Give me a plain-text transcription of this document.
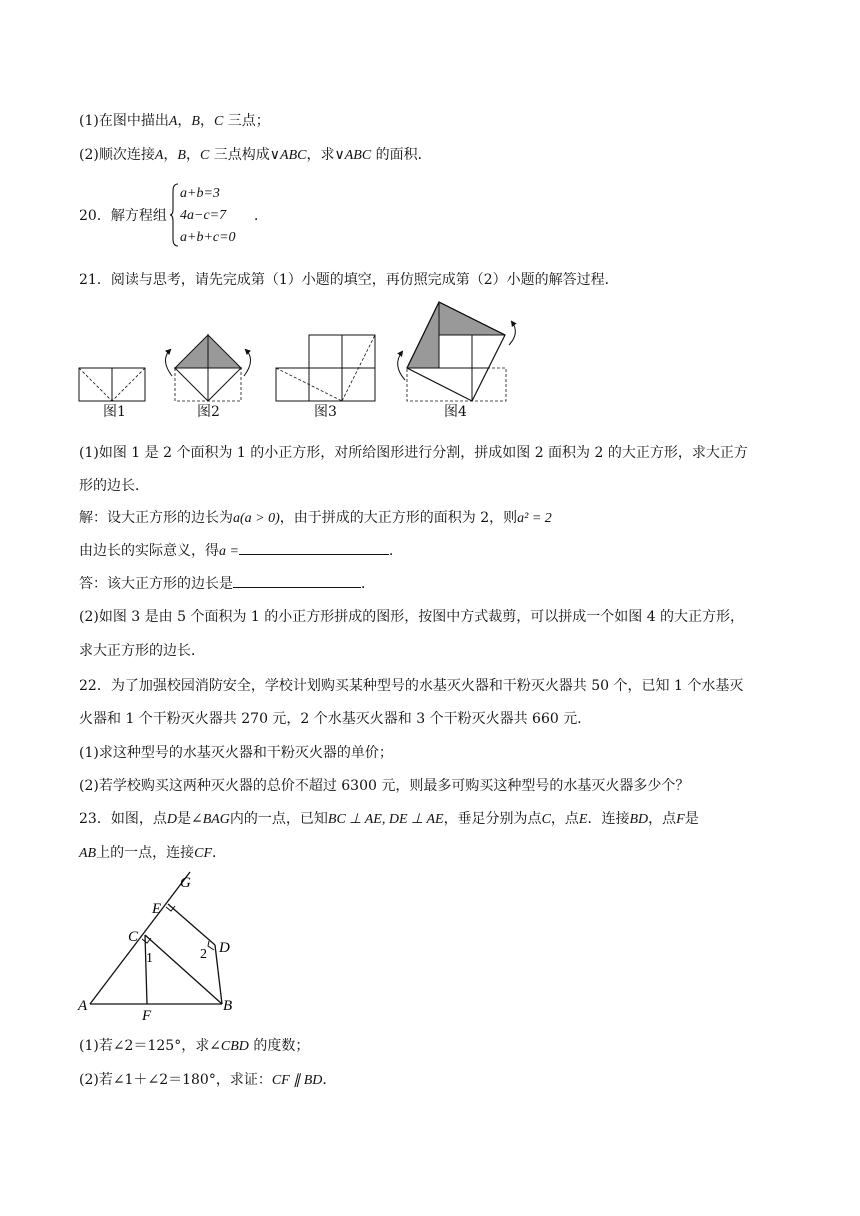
(1)在图中描出A，B，C 三点；
(2)顺次连接A，B，C 三点构成∨ABC，求∨ABC 的面积．
20．解方程组
a+b=3
4a−c=7
a+b+c=0
．
21．阅读与思考，请先完成第（1）小题的填空，再仿照完成第（2）小题的解答过程．
图1	图2	图3	图4
(1)如图 1 是 2 个面积为 1 的小正方形，对所给图形进行分割，拼成如图 2 面积为 2 的大正方形，求大正方
形的边长．
解：设大正方形的边长为a(a > 0)，由于拼成的大正方形的面积为 2，则a² = 2
由边长的实际意义，得a =	．
答：该大正方形的边长是	．
(2)如图 3 是由 5 个面积为 1 的小正方形拼成的图形，按图中方式裁剪，可以拼成一个如图 4 的大正方形，
求大正方形的边长．
22．为了加强校园消防安全，学校计划购买某种型号的水基灭火器和干粉灭火器共 50 个，已知 1 个水基灭
火器和 1 个干粉灭火器共 270 元，2 个水基灭火器和 3 个干粉灭火器共 660 元．
(1)求这种型号的水基灭火器和干粉灭火器的单价；
(2)若学校购买这两种灭火器的总价不超过 6300 元，则最多可购买这种型号的水基灭火器多少个？
23．如图，点D是∠BAG内的一点，已知BC ⊥ AE, DE ⊥ AE，垂足分别为点C，点E．连接BD，点F是
AB上的一点，连接CF．
G
E
C
D
A
F
B
1	2
(1)若∠2＝125°，求∠CBD 的度数；
(2)若∠1＋∠2＝180°，求证：CF ∥ BD．
